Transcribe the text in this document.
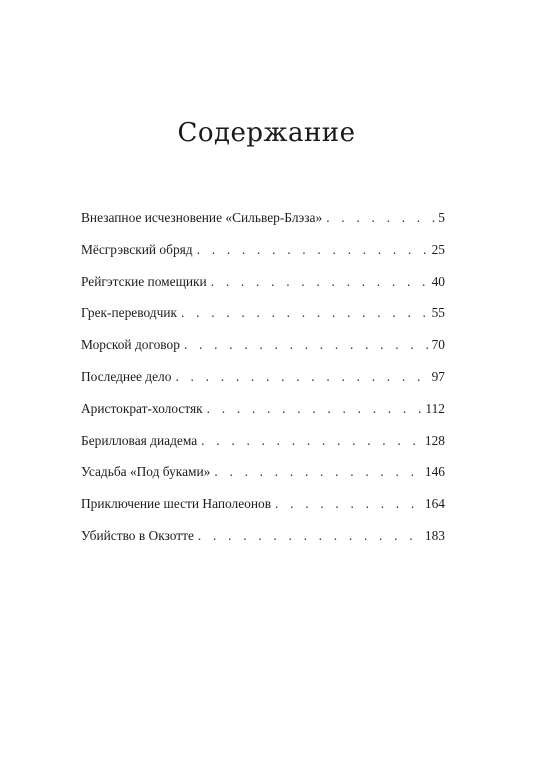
Содержание
Внезапное исчезновение «Сильвер-Блэза» . . .	5
Мёсгрэвский обряд . . .	25
Рейгэтские помещики . . .	40
Грек-переводчик . . .	55
Морской договор . . .	70
Последнее дело . . .	97
Аристократ-холостяк . . .	112
Берилловая диадема . . .	128
Усадьба «Под буками» . . .	146
Приключение шести Наполеонов . . .	164
Убийство в Окзотте . . .	183
